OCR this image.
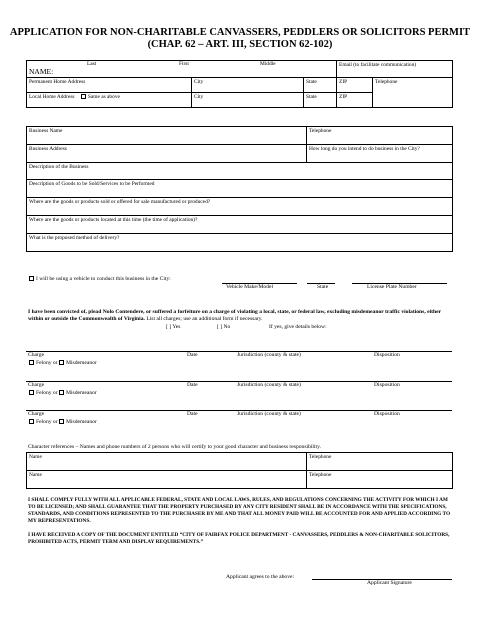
APPLICATION FOR NON-CHARITABLE CANVASSERS, PEDDLERS OR SOLICITORS PERMIT
(CHAP. 62 – ART. III, SECTION 62-102)
Last First Middle
NAME:			Email (to facilitate communication)	
Permanent Home Address	City	State	ZIP	Telephone
Local Home Address Same as above	City	State	ZIP	
Business Name	Telephone
Business Address	How long do you intend to do business in the City?
Description of the Business	
Description of Goods to be Sold/Services to be Performed	
Where are the goods or products sold or offered for sale manufactured or produced?	
Where are the goods or products located at this time (the time of application)?	
What is the proposed method of delivery?	
I will be using a vehicle to conduct this business in the City:
Vehicle Make/Model	State	License Plate Number
I have been convicted of, plead Nolo Contendere, or suffered a forfeiture on a charge of violating a local, state, or federal law, excluding misdemeanor traffic violations, either within or outside the Commonwealth of Virginia. List all charges; use an additional form if necessary.
[ ] Yes	[ ] No	If yes, give details below:
Charge	Date	Jurisdiction (county & state)	Disposition
Felony or Misdemeanor
Charge	Date	Jurisdiction (county & state)	Disposition
Felony or Misdemeanor
Charge	Date	Jurisdiction (county & state)	Disposition
Felony or Misdemeanor
Character references – Names and phone numbers of 2 persons who will certify to your good character and business responsibility.
Name	Telephone
Name	Telephone
I SHALL COMPLY FULLY WITH ALL APPLICABLE FEDERAL, STATE AND LOCAL LAWS, RULES, AND REGULATIONS CONCERNING THE ACTIVITY FOR WHICH I AM TO BE LICENSED; AND SHALL GUARANTEE THAT THE PROPERTY PURCHASED BY ANY CITY RESIDENT SHALL BE IN ACCORDANCE WITH THE SPECIFICATIONS, STANDARDS, AND CONDITIONS REPRESENTED TO THE PURCHASER BY ME AND THAT ALL MONEY PAID WILL BE ACCOUNTED FOR AND APPLIED ACCORDING TO MY REPRESENTATIONS.
I HAVE RECEIVED A COPY OF THE DOCUMENT ENTITLED “CITY OF FAIRFAX POLICE DEPARTMENT - CANVASSERS, PEDDLERS & NON-CHARITABLE SOLICITORS, PROHIBITED ACTS, PERMIT TERM AND DISPLAY REQUIREMENTS.”
Applicant agrees to the above:
Applicant Signature
